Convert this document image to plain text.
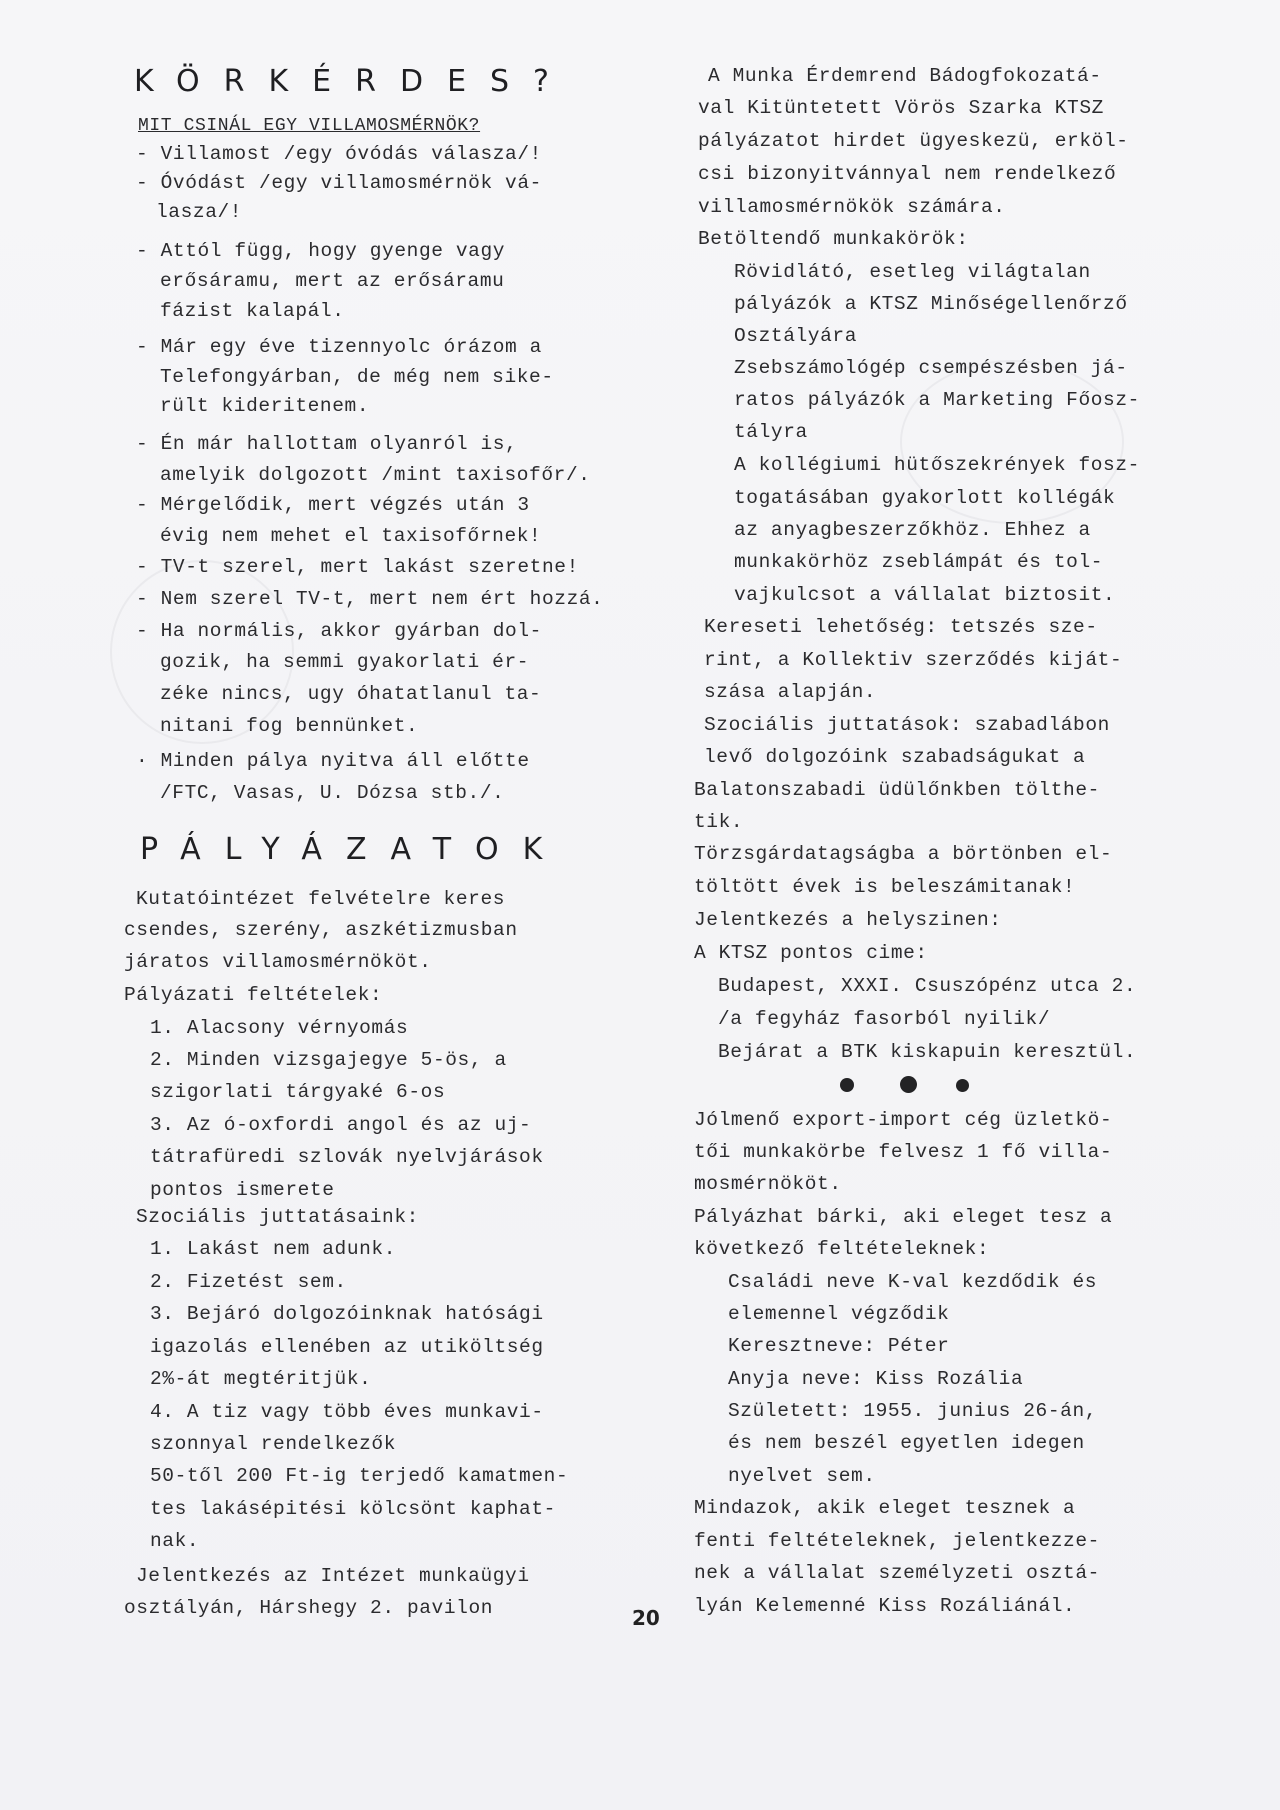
KÖRKÉRDES?
MIT CSINÁL EGY VILLAMOSMÉRNÖK?
- Villamost /egy óvódás válasza/!
- Óvódást /egy villamosmérnök vá-
lasza/!
- Attól függ, hogy gyenge vagy
erősáramu, mert az erősáramu
fázist kalapál.
- Már egy éve tizennyolc órázom a
Telefongyárban, de még nem sike-
rült kideritenem.
- Én már hallottam olyanról is,
amelyik dolgozott /mint taxisofőr/.
- Mérgelődik, mert végzés után 3
évig nem mehet el taxisofőrnek!
- TV-t szerel, mert lakást szeretne!
- Nem szerel TV-t, mert nem ért hozzá.
- Ha normális, akkor gyárban dol-
gozik, ha semmi gyakorlati ér-
zéke nincs, ugy óhatatlanul ta-
nitani fog bennünket.
· Minden pálya nyitva áll előtte
/FTC, Vasas, U. Dózsa stb./.
PÁLYÁZATOK
Kutatóintézet felvételre keres
csendes, szerény, aszkétizmusban
járatos villamosmérnököt.
Pályázati feltételek:
1. Alacsony vérnyomás
2. Minden vizsgajegye 5-ös, a
szigorlati tárgyaké 6-os
3. Az ó-oxfordi angol és az uj-
tátrafüredi szlovák nyelvjárások
pontos ismerete
Szociális juttatásaink:
1. Lakást nem adunk.
2. Fizetést sem.
3. Bejáró dolgozóinknak hatósági
igazolás ellenében az utiköltség
2%-át megtéritjük.
4. A tiz vagy több éves munkavi-
szonnyal rendelkezők
50-től 200 Ft-ig terjedő kamatmen-
tes lakásépitési kölcsönt kaphat-
nak.
Jelentkezés az Intézet munkaügyi
osztályán, Hárshegy 2. pavilon
A Munka Érdemrend Bádogfokozatá-
val Kitüntetett Vörös Szarka KTSZ
pályázatot hirdet ügyeskezü, erköl-
csi bizonyitvánnyal nem rendelkező
villamosmérnökök számára.
Betöltendő munkakörök:
Rövidlátó, esetleg világtalan
pályázók a KTSZ Minőségellenőrző
Osztályára
Zsebszámológép csempészésben já-
ratos pályázók a Marketing Főosz-
tályra
A kollégiumi hütőszekrények fosz-
togatásában gyakorlott kollégák
az anyagbeszerzőkhöz. Ehhez a
munkakörhöz zseblámpát és tol-
vajkulcsot a vállalat biztosit.
Kereseti lehetőség: tetszés sze-
rint, a Kollektiv szerződés kiját-
szása alapján.
Szociális juttatások: szabadlábon
levő dolgozóink szabadságukat a
Balatonszabadi üdülőnkben tölthe-
tik.
Törzsgárdatagságba a börtönben el-
töltött évek is beleszámitanak!
Jelentkezés a helyszinen:
A KTSZ pontos cime:
Budapest, XXXI. Csuszópénz utca 2.
/a fegyház fasorból nyilik/
Bejárat a BTK kiskapuin keresztül.
Jólmenő export-import cég üzletkö-
tői munkakörbe felvesz 1 fő villa-
mosmérnököt.
Pályázhat bárki, aki eleget tesz a
következő feltételeknek:
Családi neve K-val kezdődik és
elemennel végződik
Keresztneve: Péter
Anyja neve: Kiss Rozália
Született: 1955. junius 26-án,
és nem beszél egyetlen idegen
nyelvet sem.
Mindazok, akik eleget tesznek a
fenti feltételeknek, jelentkezze-
nek a vállalat személyzeti osztá-
lyán Kelemenné Kiss Rozáliánál.
20
